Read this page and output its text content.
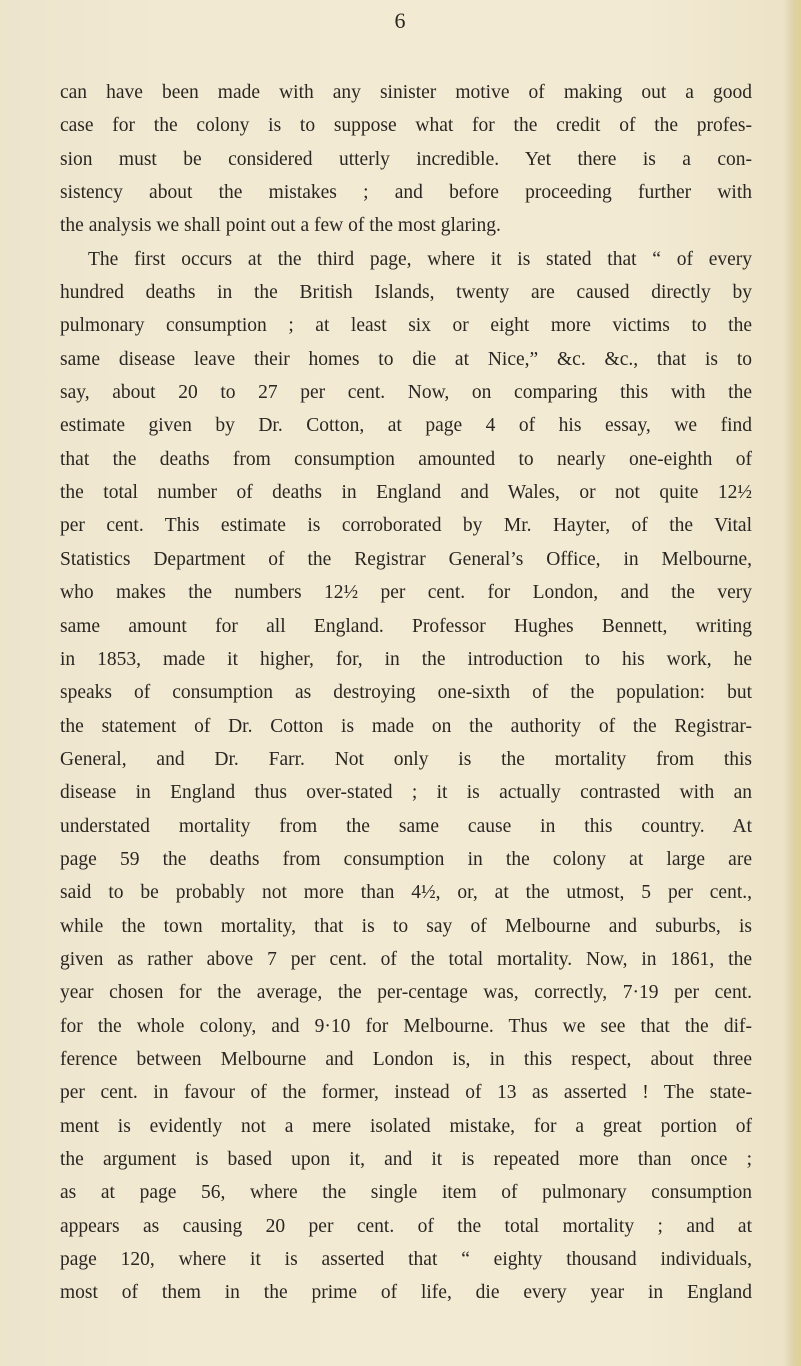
6
can have been made with any sinister motive of making out a good
case for the colony is to suppose what for the credit of the profes-
sion must be considered utterly incredible. Yet there is a con-
sistency about the mistakes ; and before proceeding further with
the analysis we shall point out a few of the most glaring.
The first occurs at the third page, where it is stated that “ of every
hundred deaths in the British Islands, twenty are caused directly by
pulmonary consumption ; at least six or eight more victims to the
same disease leave their homes to die at Nice,” &c. &c., that is to
say, about 20 to 27 per cent. Now, on comparing this with the
estimate given by Dr. Cotton, at page 4 of his essay, we find
that the deaths from consumption amounted to nearly one-eighth of
the total number of deaths in England and Wales, or not quite 12½
per cent. This estimate is corroborated by Mr. Hayter, of the Vital
Statistics Department of the Registrar General’s Office, in Melbourne,
who makes the numbers 12½ per cent. for London, and the very
same amount for all England. Professor Hughes Bennett, writing
in 1853, made it higher, for, in the introduction to his work, he
speaks of consumption as destroying one-sixth of the population: but
the statement of Dr. Cotton is made on the authority of the Registrar-
General, and Dr. Farr. Not only is the mortality from this
disease in England thus over-stated ; it is actually contrasted with an
understated mortality from the same cause in this country. At
page 59 the deaths from consumption in the colony at large are
said to be probably not more than 4½, or, at the utmost, 5 per cent.,
while the town mortality, that is to say of Melbourne and suburbs, is
given as rather above 7 per cent. of the total mortality. Now, in 1861, the
year chosen for the average, the per-centage was, correctly, 7·19 per cent.
for the whole colony, and 9·10 for Melbourne. Thus we see that the dif-
ference between Melbourne and London is, in this respect, about three
per cent. in favour of the former, instead of 13 as asserted ! The state-
ment is evidently not a mere isolated mistake, for a great portion of
the argument is based upon it, and it is repeated more than once ;
as at page 56, where the single item of pulmonary consumption
appears as causing 20 per cent. of the total mortality ; and at
page 120, where it is asserted that “ eighty thousand individuals,
most of them in the prime of life, die every year in England
